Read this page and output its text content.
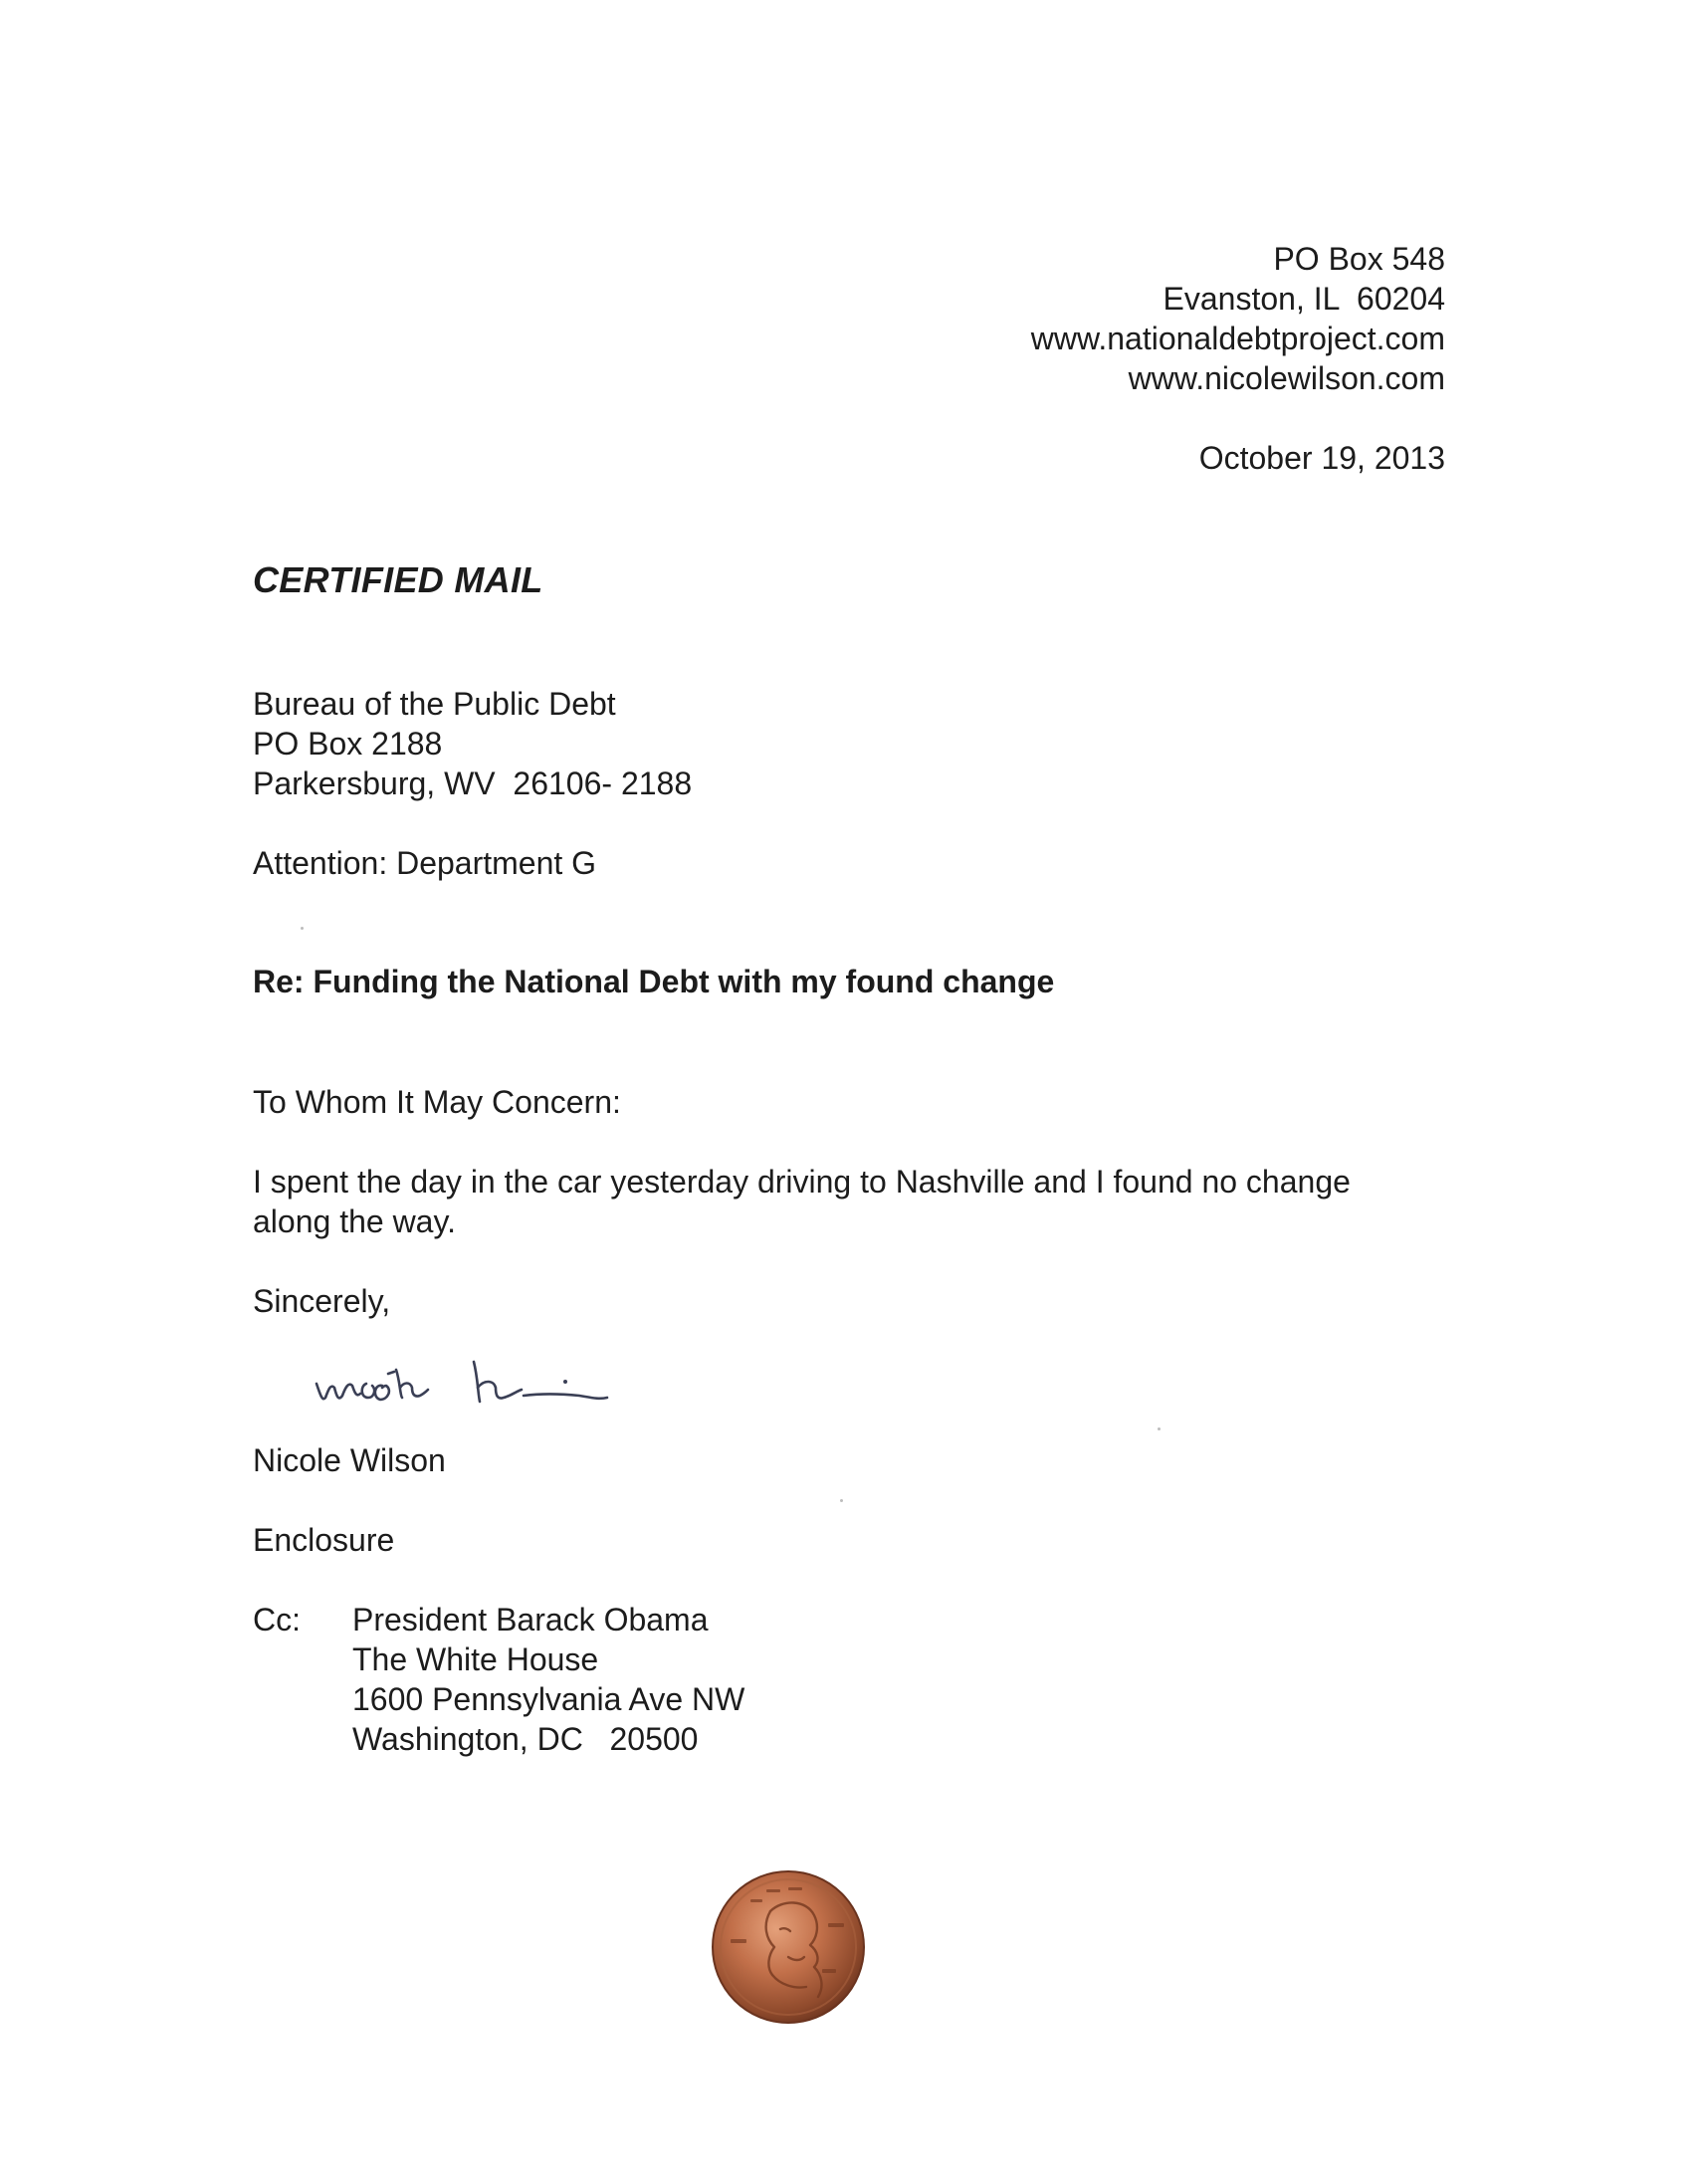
PO Box 548
Evanston, IL  60204
www.nationaldebtproject.com
www.nicolewilson.com
October 19, 2013
CERTIFIED MAIL
Bureau of the Public Debt
PO Box 2188
Parkersburg, WV  26106- 2188
Attention: Department G
Re: Funding the National Debt with my found change
To Whom It May Concern:
I spent the day in the car yesterday driving to Nashville and I found no change
along the way.
Sincerely,
Nicole Wilson
Enclosure
Cc: President Barack Obama
The White House
1600 Pennsylvania Ave NW
Washington, DC   20500
